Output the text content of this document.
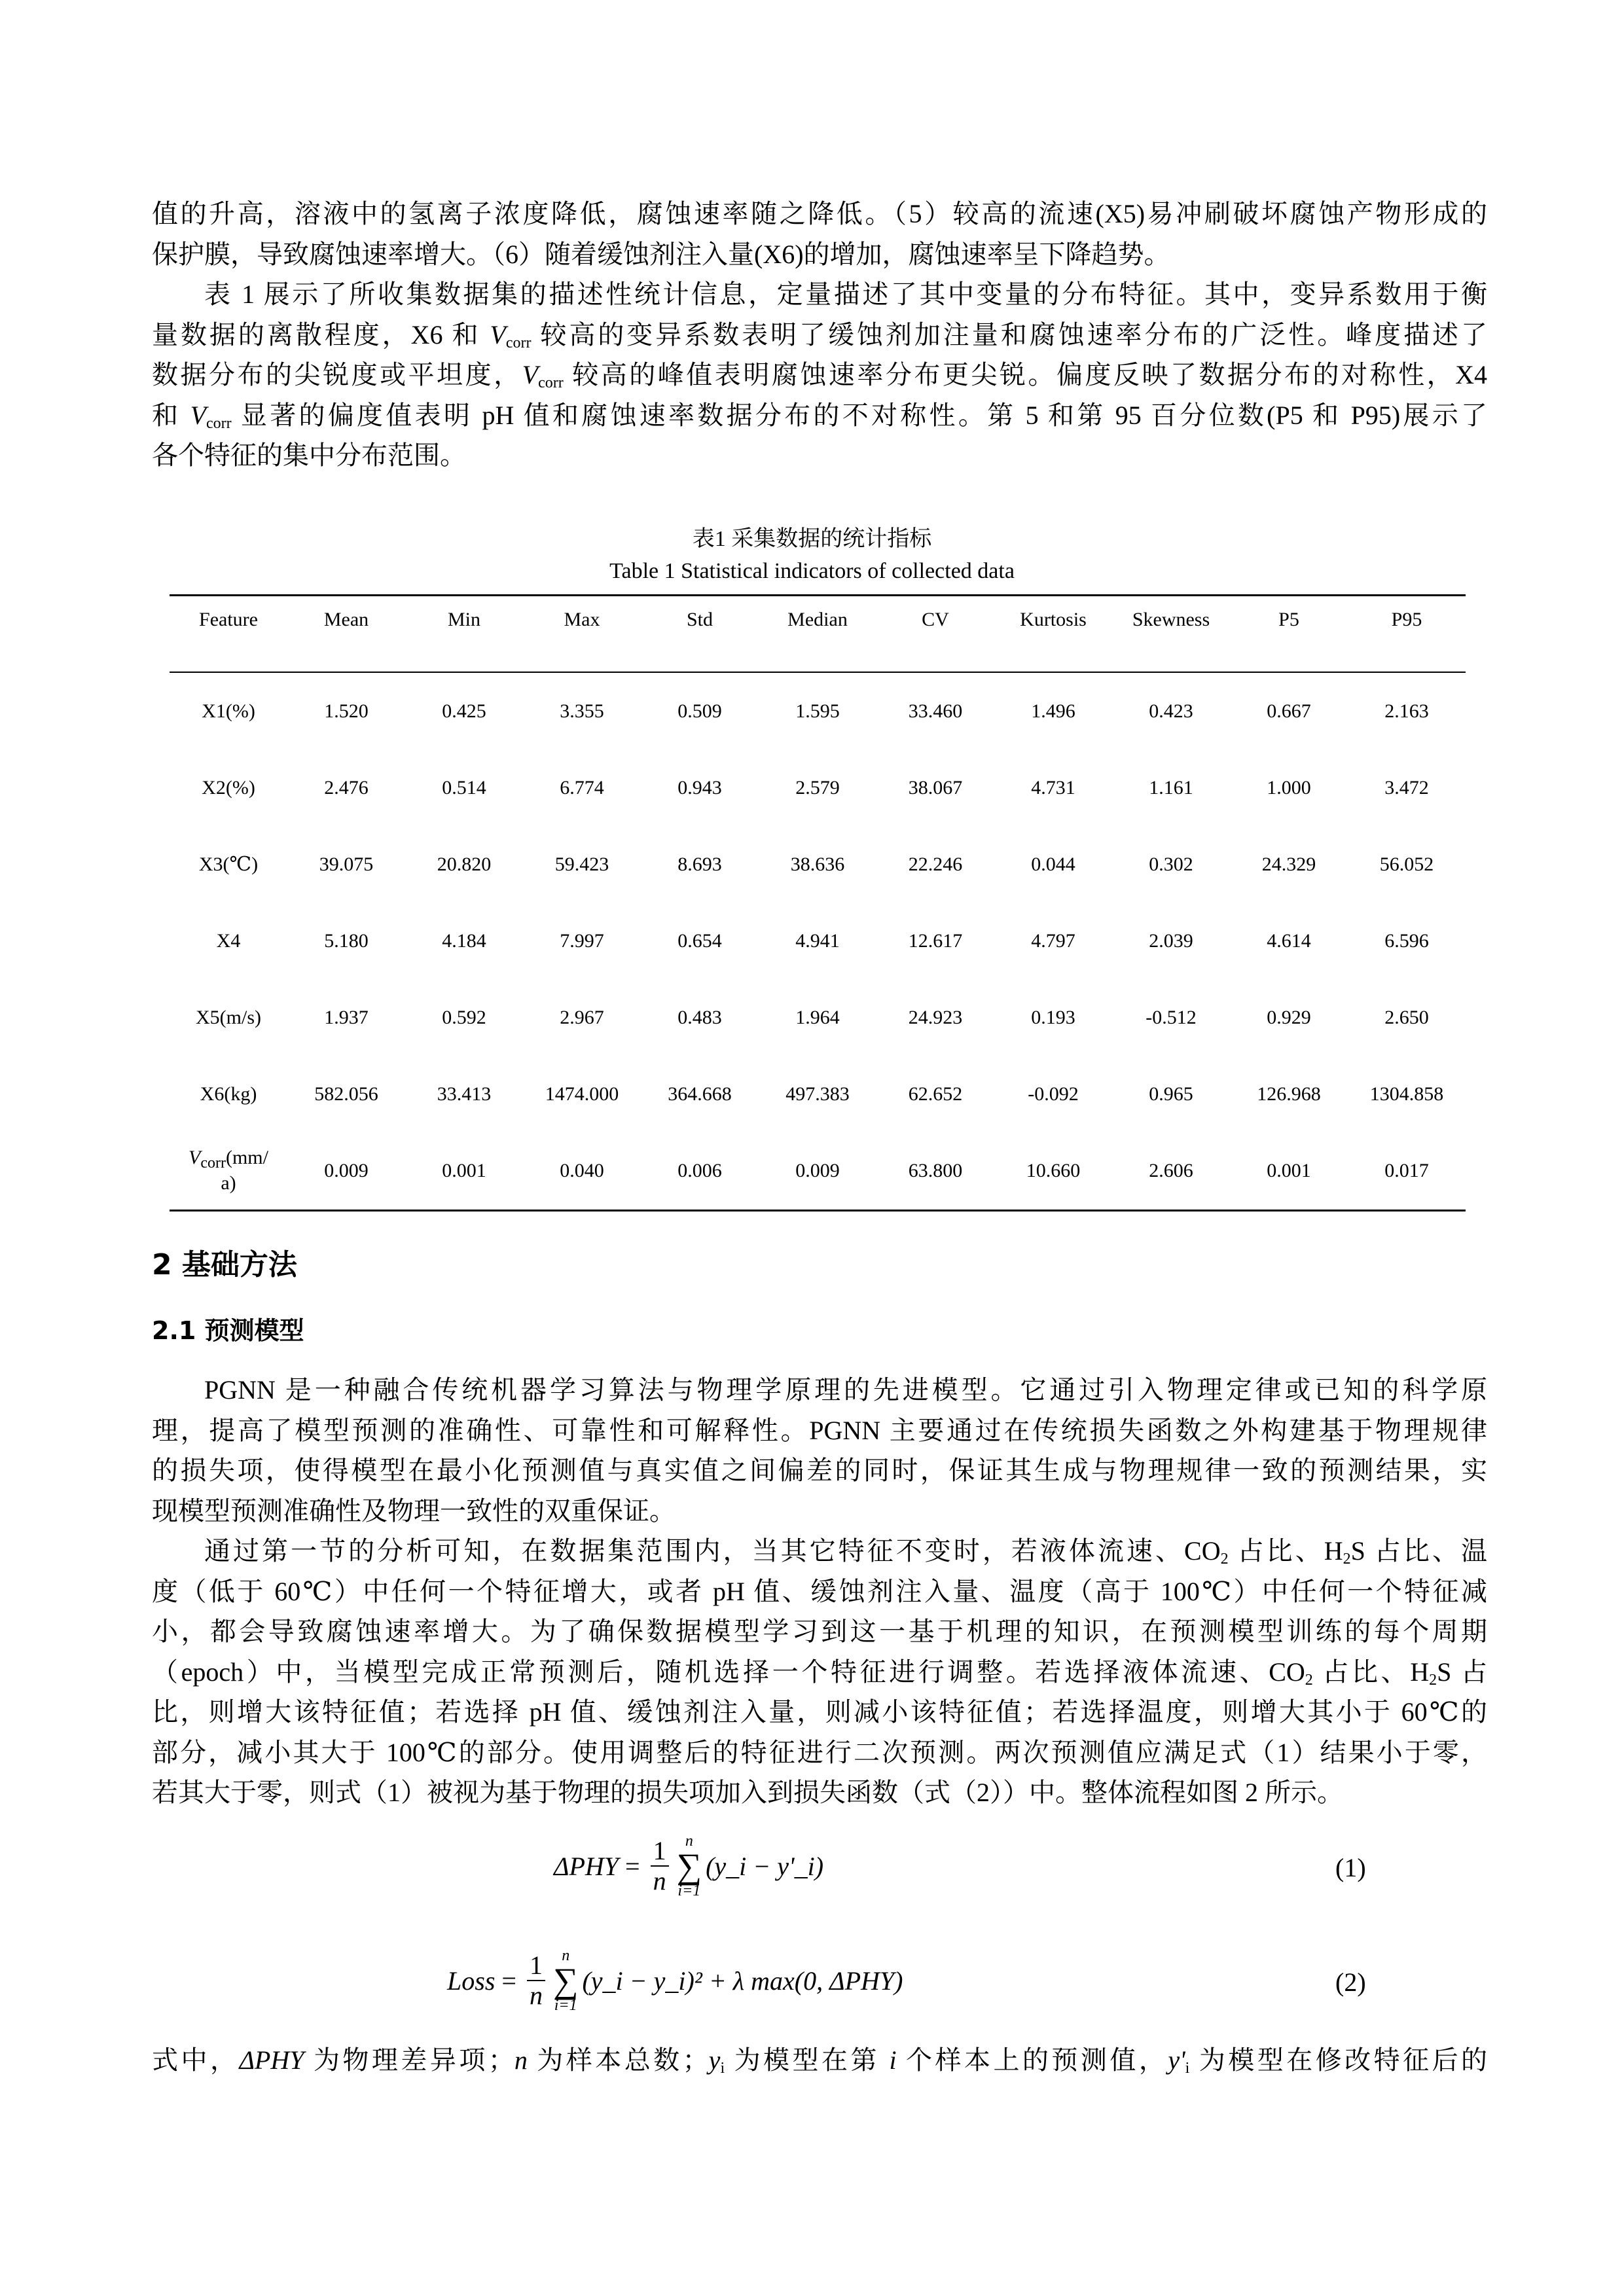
值的升高，溶液中的氢离子浓度降低，腐蚀速率随之降低。（5）较高的流速(X5)易冲刷破坏腐蚀产物形成的
保护膜，导致腐蚀速率增大。（6）随着缓蚀剂注入量(X6)的增加，腐蚀速率呈下降趋势。
表 1 展示了所收集数据集的描述性统计信息，定量描述了其中变量的分布特征。其中，变异系数用于衡
量数据的离散程度，X6 和 $V_{corr}$ 较高的变异系数表明了缓蚀剂加注量和腐蚀速率分布的广泛性。峰度描述了
数据分布的尖锐度或平坦度，$V_{corr}$ 较高的峰值表明腐蚀速率分布更尖锐。偏度反映了数据分布的对称性，X4
和 $V_{corr}$ 显著的偏度值表明 pH 值和腐蚀速率数据分布的不对称性。第 5 和第 95 百分位数(P5 和 P95)展示了
各个特征的集中分布范围。
表1 采集数据的统计指标
Table 1 Statistical indicators of collected data
Feature	Mean	Min	Max	Std	Median	CV	Kurtosis	Skewness	P5	P95
X1(%)	1.520	0.425	3.355	0.509	1.595	33.460	1.496	0.423	0.667	2.163
X2(%)	2.476	0.514	6.774	0.943	2.579	38.067	4.731	1.161	1.000	3.472
X3(℃)	39.075	20.820	59.423	8.693	38.636	22.246	0.044	0.302	24.329	56.052
X4	5.180	4.184	7.997	0.654	4.941	12.617	4.797	2.039	4.614	6.596
X5(m/s)	1.937	0.592	2.967	0.483	1.964	24.923	0.193	-0.512	0.929	2.650
X6(kg)	582.056	33.413	1474.000	364.668	497.383	62.652	-0.092	0.965	126.968	1304.858

$V_{corr}(mm/$
a)	0.009	0.001	0.040	0.006	0.009	63.800	10.660	2.606	0.001	0.017
2 基础方法
2.1 预测模型
PGNN 是一种融合传统机器学习算法与物理学原理的先进模型。它通过引入物理定律或已知的科学原
理，提高了模型预测的准确性、可靠性和可解释性。PGNN 主要通过在传统损失函数之外构建基于物理规律
的损失项，使得模型在最小化预测值与真实值之间偏差的同时，保证其生成与物理规律一致的预测结果，实
现模型预测准确性及物理一致性的双重保证。
通过第一节的分析可知，在数据集范围内，当其它特征不变时，若液体流速、$CO_2$ 占比、$H_2S$ 占比、温
度（低于 60℃）中任何一个特征增大，或者 pH 值、缓蚀剂注入量、温度（高于 100℃）中任何一个特征减
小，都会导致腐蚀速率增大。为了确保数据模型学习到这一基于机理的知识，在预测模型训练的每个周期
（epoch）中，当模型完成正常预测后，随机选择一个特征进行调整。若选择液体流速、$CO_2$ 占比、$H_2S$ 占
比，则增大该特征值；若选择 pH 值、缓蚀剂注入量，则减小该特征值；若选择温度，则增大其小于 60℃的
部分，减小其大于 100℃的部分。使用调整后的特征进行二次预测。两次预测值应满足式（1）结果小于零，
若其大于零，则式（1）被视为基于物理的损失项加入到损失函数（式（2））中。整体流程如图 2 所示。
$\Delta PHY = \frac{1}{n}$ n
∑
i=1
(y_i − y'_i)	(1)
Loss = $\frac{1}{n}$ n
∑
i=1
(y_i − y_i)² + λ max(0, ΔPHY)	(2)
式中，ΔPHY 为物理差异项；n 为样本总数；$y_i$ 为模型在第 i 个样本上的预测值，$y'_i$ 为模型在修改特征后的
